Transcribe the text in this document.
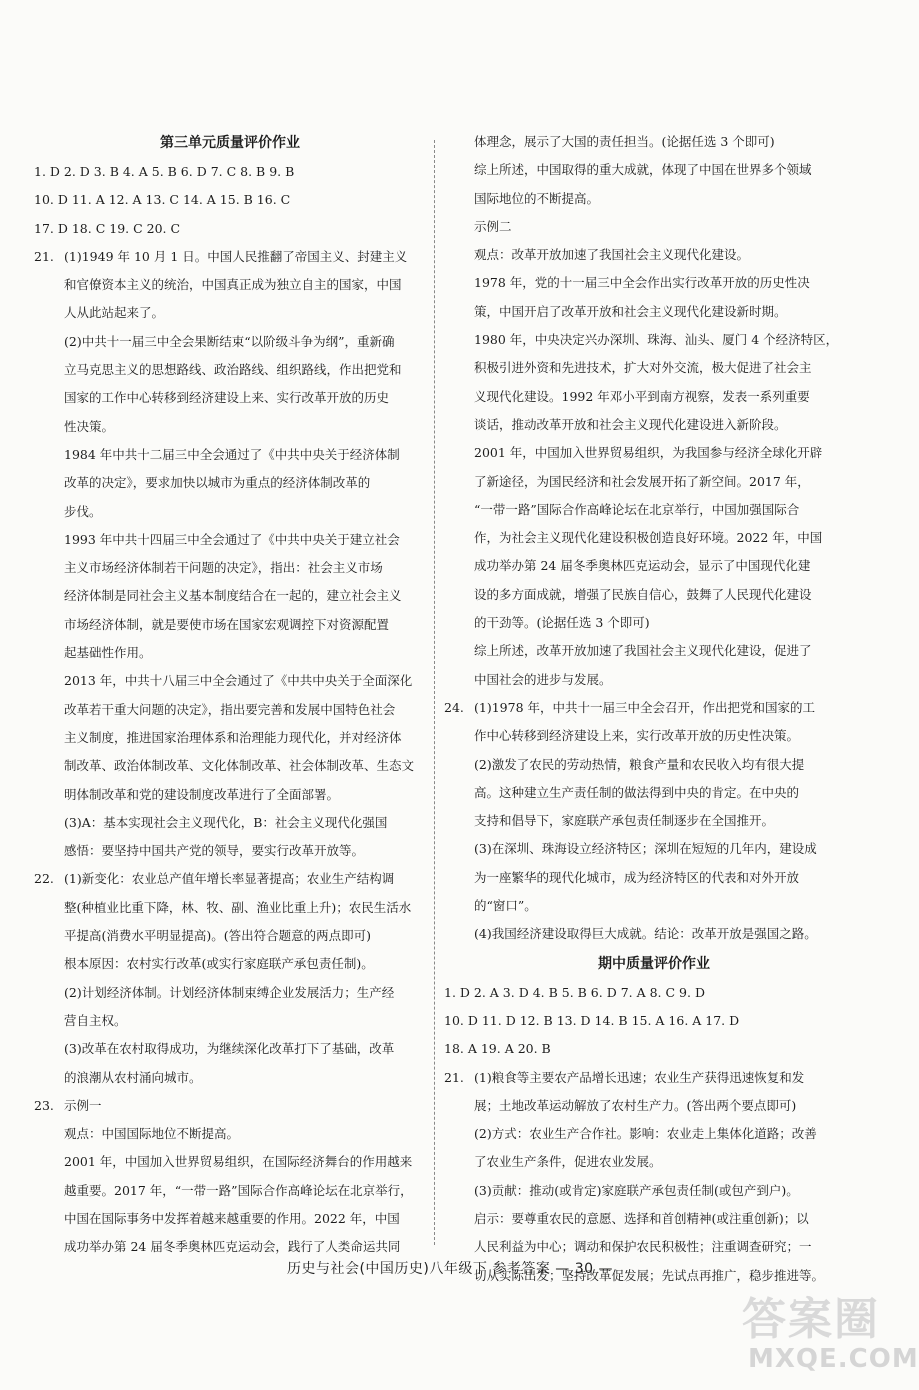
第三单元质量评价作业
1. D 2. D 3. B 4. A 5. B 6. D 7. C 8. B 9. B
10. D 11. A 12. A 13. C 14. A 15. B 16. C
17. D 18. C 19. C 20. C
21. (1)1949 年 10 月 1 日。中国人民推翻了帝国主义、封建主义
和官僚资本主义的统治，中国真正成为独立自主的国家，中国
人从此站起来了。
(2)中共十一届三中全会果断结束“以阶级斗争为纲”，重新确
立马克思主义的思想路线、政治路线、组织路线，作出把党和
国家的工作中心转移到经济建设上来、实行改革开放的历史
性决策。
1984 年中共十二届三中全会通过了《中共中央关于经济体制
改革的决定》，要求加快以城市为重点的经济体制改革的
步伐。
1993 年中共十四届三中全会通过了《中共中央关于建立社会
主义市场经济体制若干问题的决定》，指出：社会主义市场
经济体制是同社会主义基本制度结合在一起的，建立社会主义
市场经济体制，就是要使市场在国家宏观调控下对资源配置
起基础性作用。
2013 年，中共十八届三中全会通过了《中共中央关于全面深化
改革若干重大问题的决定》，指出要完善和发展中国特色社会
主义制度，推进国家治理体系和治理能力现代化，并对经济体
制改革、政治体制改革、文化体制改革、社会体制改革、生态文
明体制改革和党的建设制度改革进行了全面部署。
(3)A：基本实现社会主义现代化，B：社会主义现代化强国
感悟：要坚持中国共产党的领导，要实行改革开放等。
22. (1)新变化：农业总产值年增长率显著提高；农业生产结构调
整(种植业比重下降，林、牧、副、渔业比重上升)；农民生活水
平提高(消费水平明显提高)。(答出符合题意的两点即可)
根本原因：农村实行改革(或实行家庭联产承包责任制)。
(2)计划经济体制。计划经济体制束缚企业发展活力；生产经
营自主权。
(3)改革在农村取得成功，为继续深化改革打下了基础，改革
的浪潮从农村涌向城市。
23. 示例一
观点：中国国际地位不断提高。
2001 年，中国加入世界贸易组织，在国际经济舞台的作用越来
越重要。2017 年，“一带一路”国际合作高峰论坛在北京举行，
中国在国际事务中发挥着越来越重要的作用。2022 年，中国
成功举办第 24 届冬季奥林匹克运动会，践行了人类命运共同
体理念，展示了大国的责任担当。(论据任选 3 个即可)
综上所述，中国取得的重大成就，体现了中国在世界多个领域
国际地位的不断提高。
示例二
观点：改革开放加速了我国社会主义现代化建设。
1978 年，党的十一届三中全会作出实行改革开放的历史性决
策，中国开启了改革开放和社会主义现代化建设新时期。
1980 年，中央决定兴办深圳、珠海、汕头、厦门 4 个经济特区，
积极引进外资和先进技术，扩大对外交流，极大促进了社会主
义现代化建设。1992 年邓小平到南方视察，发表一系列重要
谈话，推动改革开放和社会主义现代化建设进入新阶段。
2001 年，中国加入世界贸易组织，为我国参与经济全球化开辟
了新途径，为国民经济和社会发展开拓了新空间。2017 年，
“一带一路”国际合作高峰论坛在北京举行，中国加强国际合
作，为社会主义现代化建设积极创造良好环境。2022 年，中国
成功举办第 24 届冬季奥林匹克运动会，显示了中国现代化建
设的多方面成就，增强了民族自信心，鼓舞了人民现代化建设
的干劲等。(论据任选 3 个即可)
综上所述，改革开放加速了我国社会主义现代化建设，促进了
中国社会的进步与发展。
24. (1)1978 年，中共十一届三中全会召开，作出把党和国家的工
作中心转移到经济建设上来，实行改革开放的历史性决策。
(2)激发了农民的劳动热情，粮食产量和农民收入均有很大提
高。这种建立生产责任制的做法得到中央的肯定。在中央的
支持和倡导下，家庭联产承包责任制逐步在全国推开。
(3)在深圳、珠海设立经济特区；深圳在短短的几年内，建设成
为一座繁华的现代化城市，成为经济特区的代表和对外开放
的“窗口”。
(4)我国经济建设取得巨大成就。结论：改革开放是强国之路。
期中质量评价作业
1. D 2. A 3. D 4. B 5. B 6. D 7. A 8. C 9. D
10. D 11. D 12. B 13. D 14. B 15. A 16. A 17. D
18. A 19. A 20. B
21. (1)粮食等主要农产品增长迅速；农业生产获得迅速恢复和发
展；土地改革运动解放了农村生产力。(答出两个要点即可)
(2)方式：农业生产合作社。影响：农业走上集体化道路；改善
了农业生产条件，促进农业发展。
(3)贡献：推动(或肯定)家庭联产承包责任制(或包产到户)。
启示：要尊重农民的意愿、选择和首创精神(或注重创新)；以
人民利益为中心；调动和保护农民积极性；注重调查研究；一
切从实际出发；坚持改革促发展；先试点再推广，稳步推进等。
历史与社会(中国历史)八年级下 参考答案 — 30 —
答案圈
MXQE.COM
